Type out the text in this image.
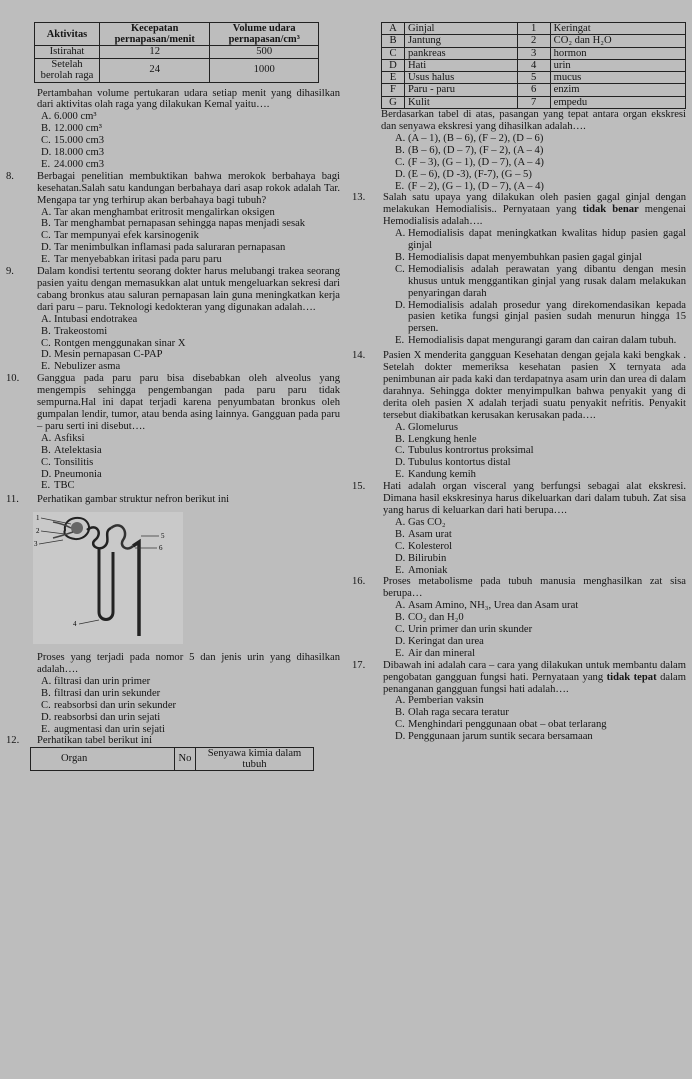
Aktivitas	Kecepatan pernapasan/menit	Volume udara pernapasan/cm³
Istirahat	12	500
Setelah berolah raga	24	1000
Pertambahan volume pertukaran udara setiap menit yang dihasilkan dari aktivitas olah raga yang dilakukan Kemal yaitu….
A. 6.000 cm³
B. 12.000 cm³
C. 15.000 cm3
D. 18.000 cm3
E. 24.000 cm3
8. Berbagai penelitian membuktikan bahwa merokok berbahaya bagi kesehatan.Salah satu kandungan berbahaya dari asap rokok adalah Tar. Mengapa tar yng terhirup akan berbahaya bagi tubuh?
A. Tar akan menghambat eritrosit mengalirkan oksigen
B. Tar menghambat pernapasan sehingga napas menjadi sesak
C. Tar mempunyai efek karsinogenik
D. Tar menimbulkan inflamasi pada saluraran pernapasan
E. Tar menyebabkan iritasi pada paru paru
9. Dalam kondisi tertentu seorang dokter harus melubangi trakea seorang pasien yaitu dengan memasukkan alat untuk mengeluarkan sekresi dari cabang bronkus atau saluran pernapasan lain guna meningkatkan kerja dari paru – paru. Teknologi kedokteran yang digunakan adalah….
A. Intubasi endotrakea
B. Trakeostomi
C. Rontgen menggunakan sinar X
D. Mesin pernapasan C-PAP
E. Nebulizer asma
10. Ganggua pada paru paru bisa disebabkan oleh alveolus yang mengempis sehingga pengembangan pada paru paru tidak sempurna.Hal ini dapat terjadi karena penyumbatan bronkus oleh gumpalan lendir, tumor, atau benda asing lainnya. Gangguan pada paru – paru serti ini disebut….
A. Asfiksi
B. Atelektasia
C. Tonsilitis
D. Pneumonia
E. TBC
11. Perhatikan gambar struktur nefron berikut ini
1
2
3
4
5
6
Proses yang terjadi pada nomor 5 dan jenis urin yang dihasilkan adalah….
A. filtrasi dan urin primer
B. filtrasi dan urin sekunder
C. reabsorbsi dan urin sekunder
D. reabsorbsi dan urin sejati
E. augmentasi dan urin sejati
12. Perhatikan tabel berikut ini
Organ	No	Senyawa kimia dalam tubuh
A	Ginjal	1	Keringat
B	Jantung	2	CO₂ dan H₂O
C	pankreas	3	hormon
D	Hati	4	urin
E	Usus halus	5	mucus
F	Paru - paru	6	enzim
G	Kulit	7	empedu
Berdasarkan tabel di atas, pasangan yang tepat antara organ ekskresi dan senyawa ekskresi yang dihasilkan adalah….
A. (A – 1), (B – 6), (F – 2), (D – 6)
B. (B – 6), (D – 7), (F – 2), (A – 4)
C. (F – 3), (G – 1), (D – 7), (A – 4)
D. (E – 6), (D -3), (F-7), (G – 5)
E. (F – 2), (G – 1), (D – 7), (A – 4)
13. Salah satu upaya yang dilakukan oleh pasien gagal ginjal dengan melakukan Hemodialisis.. Pernyataan yang tidak benar mengenai Hemodialisis adalah….
A. Hemodialisis dapat meningkatkan kwalitas hidup pasien gagal ginjal
B. Hemodialisis dapat menyembuhkan pasien gagal ginjal
C. Hemodialisis adalah perawatan yang dibantu dengan mesin khusus untuk menggantikan ginjal yang rusak dalam melakukan penyaringan darah
D. Hemodialisis adalah prosedur yang direkomendasikan kepada pasien ketika fungsi ginjal pasien sudah menurun hingga 15 persen.
E. Hemodialisis dapat mengurangi garam dan cairan dalam tubuh.
14. Pasien X menderita gangguan Kesehatan dengan gejala kaki bengkak . Setelah dokter memeriksa kesehatan pasien X ternyata ada penimbunan air pada kaki dan terdapatnya asam urin dan urea di dalam darahnya. Sehingga dokter menyimpulkan bahwa penyakit yang di derita oleh pasien X adalah terjadi suatu penyakit nefritis. Penyakit tersebut diakibatkan kerusakan kerusakan pada….
A. Glomelurus
B. Lengkung henle
C. Tubulus kontrortus proksimal
D. Tubulus kontortus distal
E. Kandung kemih
15. Hati adalah organ visceral yang berfungsi sebagai alat ekskresi. Dimana hasil ekskresinya harus dikeluarkan dari dalam tubuh. Zat sisa yang harus di keluarkan dari hati berupa….
A. Gas CO₂
B. Asam urat
C. Kolesterol
D. Bilirubin
E. Amoniak
16. Proses metabolisme pada tubuh manusia menghasilkan zat sisa berupa…
A. Asam Amino, NH₃, Urea dan Asam urat
B. CO₂ dan H₂0
C. Urin primer dan urin skunder
D. Keringat dan urea
E. Air dan mineral
17. Dibawah ini adalah cara – cara yang dilakukan untuk membantu dalam pengobatan gangguan fungsi hati. Pernyataan yang tidak tepat dalam penanganan gangguan fungsi hati adalah….
A. Pemberian vaksin
B. Olah raga secara teratur
C. Menghindari penggunaan obat – obat terlarang
D. Penggunaan jarum suntik secara bersamaan
